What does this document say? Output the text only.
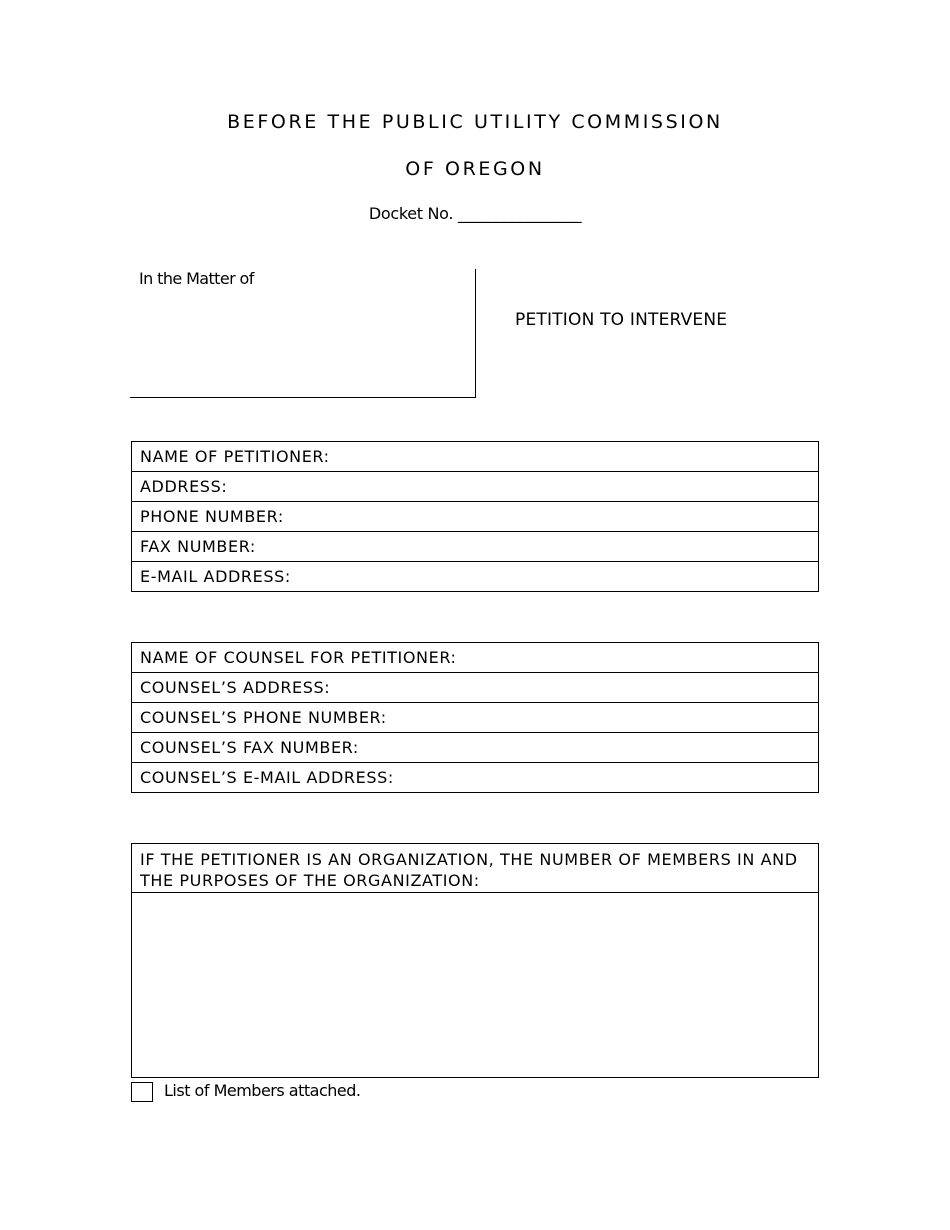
BEFORE THE PUBLIC UTILITY COMMISSION
OF OREGON
Docket No. ________________
In the Matter of
PETITION TO INTERVENE
NAME OF PETITIONER:
ADDRESS:
PHONE NUMBER:
FAX NUMBER:
E-MAIL ADDRESS:
NAME OF COUNSEL FOR PETITIONER:
COUNSEL’S ADDRESS:
COUNSEL’S PHONE NUMBER:
COUNSEL’S FAX NUMBER:
COUNSEL’S E-MAIL ADDRESS:
IF THE PETITIONER IS AN ORGANIZATION, THE NUMBER OF MEMBERS IN AND THE PURPOSES OF THE ORGANIZATION:
List of Members attached.
